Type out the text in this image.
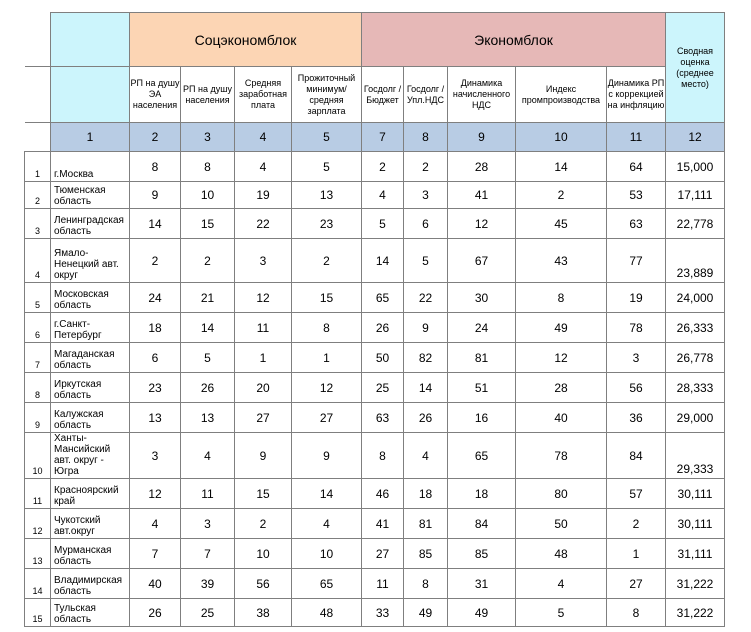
		Соцэкономблок				Экономблок					Сводная оценка (среднее место)
		РП на душу ЭА населения	РП на душу населения	Средняя заработная плата	Прожиточный минимум/ средняя зарплата	Госдолг / Бюджет	Госдолг / Упл.НДС	Динамика начисленного НДС	Индекс промпроизводства	Динамика РП с коррекцией на инфляцию	
	1	2	3	4	5	7	8	9	10	11	12
1	г.Москва	8	8	4	5	2	2	28	14	64	15,000
2	Тюменская область	9	10	19	13	4	3	41	2	53	17,111
3	Ленинградская область	14	15	22	23	5	6	12	45	63	22,778
4	Ямало-Ненецкий авт. округ	2	2	3	2	14	5	67	43	77	23,889
5	Московская область	24	21	12	15	65	22	30	8	19	24,000
6	г.Санкт-Петербург	18	14	11	8	26	9	24	49	78	26,333
7	Магаданская область	6	5	1	1	50	82	81	12	3	26,778
8	Иркутская область	23	26	20	12	25	14	51	28	56	28,333
9	Калужская область	13	13	27	27	63	26	16	40	36	29,000
10	Ханты-Мансийский авт. округ - Югра	3	4	9	9	8	4	65	78	84	29,333
11	Красноярский край	12	11	15	14	46	18	18	80	57	30,111
12	Чукотский авт.округ	4	3	2	4	41	81	84	50	2	30,111
13	Мурманская область	7	7	10	10	27	85	85	48	1	31,111
14	Владимирская область	40	39	56	65	11	8	31	4	27	31,222
15	Тульская область	26	25	38	48	33	49	49	5	8	31,222
